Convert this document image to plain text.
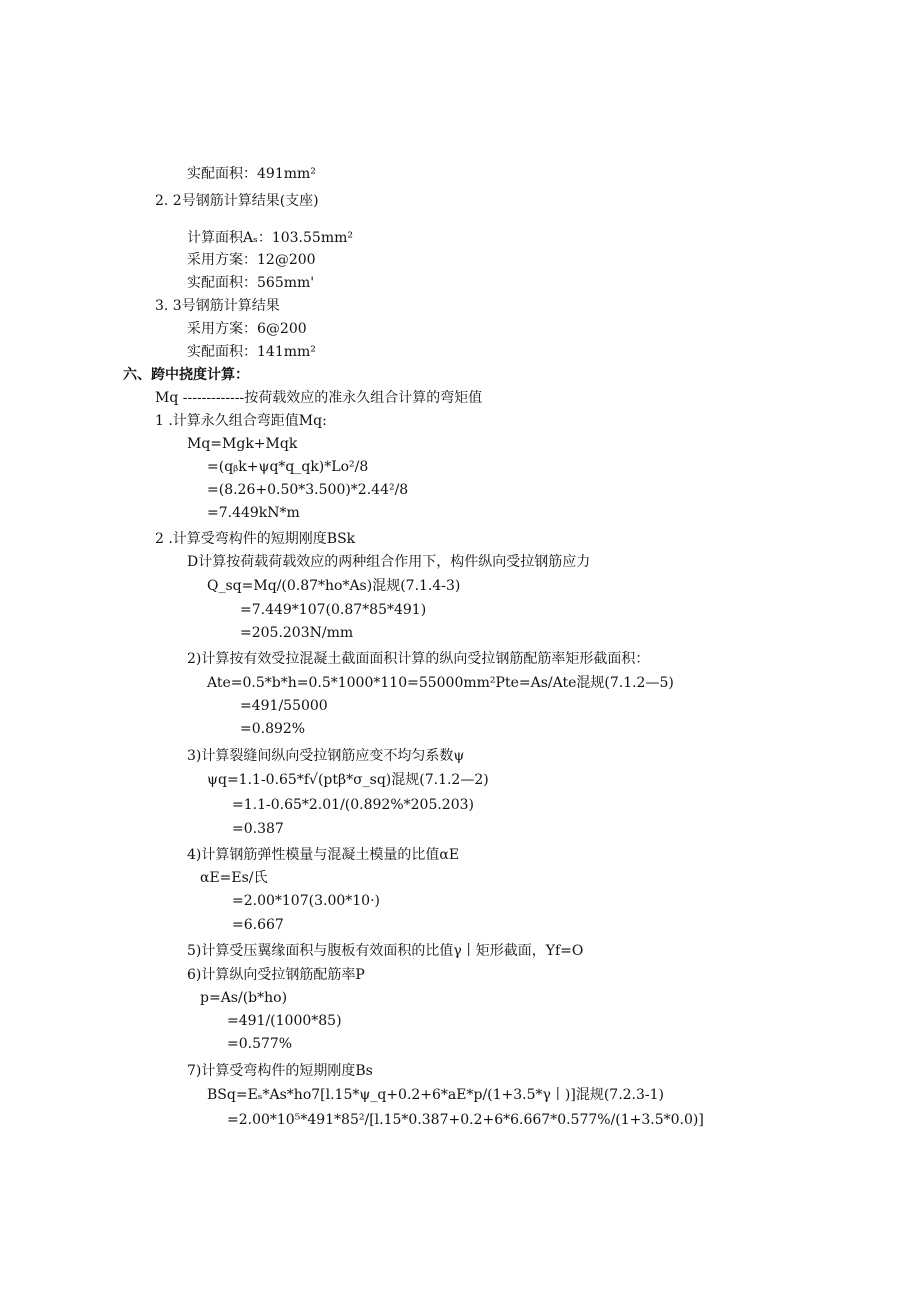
实配面积：491mm²
2. 2号钢筋计算结果(支座)
计算面积Aₛ：103.55mm²
采用方案：12@200
实配面积：565mm'
3. 3号钢筋计算结果
采用方案：6@200
实配面积：141mm²
六、跨中挠度计算：
Mq -------------按荷载效应的准永久组合计算的弯矩值
1 .计算永久组合弯距值Mq:
Mq=Mgk+Mqk
=(qᵦk+ψq*q_qk)*Lo²/8
=(8.26+0.50*3.500)*2.44²/8
=7.449kN*m
2 .计算受弯构件的短期刚度BSk
D计算按荷载荷载效应的两种组合作用下，构件纵向受拉钢筋应力
Q_sq=Mq/(0.87*ho*As)混规(7.1.4-3)
=7.449*107(0.87*85*491)
=205.203N/mm
2)计算按有效受拉混凝土截面面积计算的纵向受拉钢筋配筋率矩形截面积：
Ate=0.5*b*h=0.5*1000*110=55000mm²Pte=As/Ate混规(7.1.2—5)
=491/55000
=0.892%
3)计算裂缝间纵向受拉钢筋应变不均匀系数ψ
ψq=1.1-0.65*f√(ptβ*σ_sq)混规(7.1.2—2)
=1.1-0.65*2.01/(0.892%*205.203)
=0.387
4)计算钢筋弹性模量与混凝土模量的比值αE
αE=Es/氏
=2.00*107(3.00*10·)
=6.667
5)计算受压翼缘面积与腹板有效面积的比值γ丨矩形截面，Yf=O
6)计算纵向受拉钢筋配筋率P
p=As/(b*ho)
=491/(1000*85)
=0.577%
7)计算受弯构件的短期刚度Bs
BSq=Eₛ*As*ho7[l.15*ψ_q+0.2+6*aE*p/(1+3.5*γ丨)]混规(7.2.3-1)
=2.00*10⁵*491*85²/[l.15*0.387+0.2+6*6.667*0.577%/(1+3.5*0.0)]
